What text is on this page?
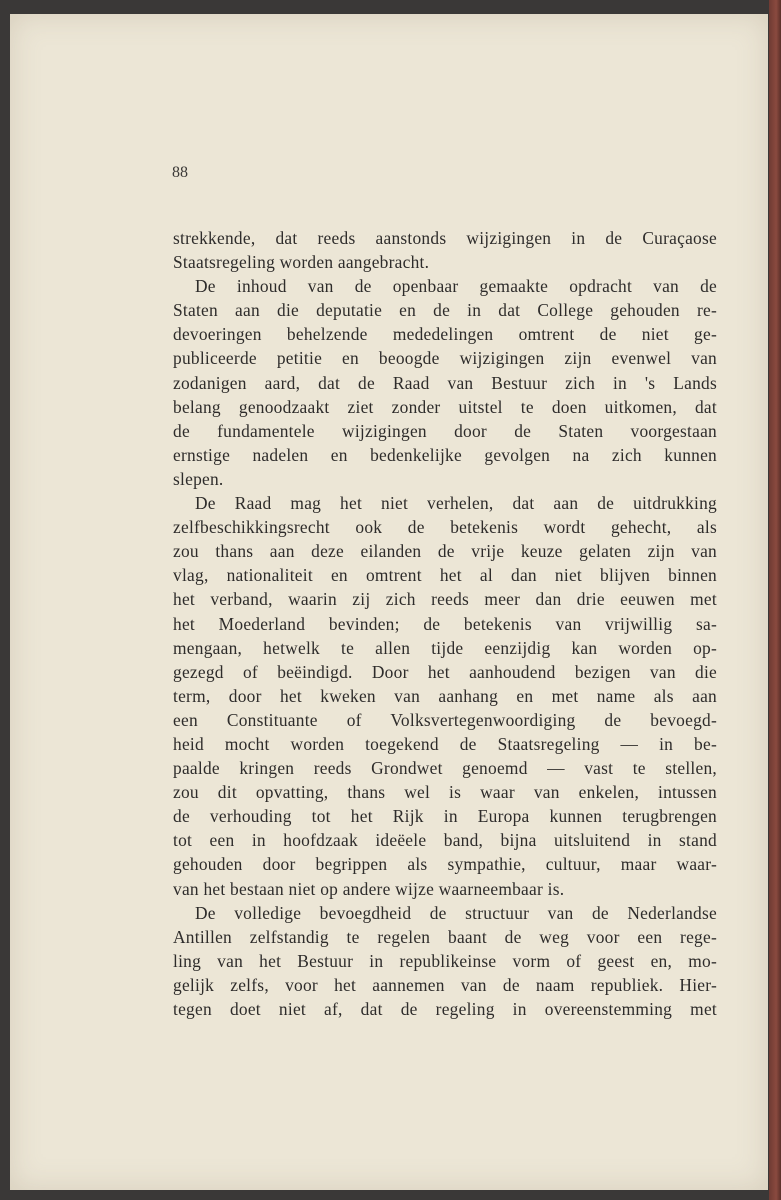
88
strekkende, dat reeds aanstonds wijzigingen in de Curaçaose
Staatsregeling worden aangebracht.
De inhoud van de openbaar gemaakte opdracht van de
Staten aan die deputatie en de in dat College gehouden re-
devoeringen behelzende mededelingen omtrent de niet ge-
publiceerde petitie en beoogde wijzigingen zijn evenwel van
zodanigen aard, dat de Raad van Bestuur zich in 's Lands
belang genoodzaakt ziet zonder uitstel te doen uitkomen, dat
de fundamentele wijzigingen door de Staten voorgestaan
ernstige nadelen en bedenkelijke gevolgen na zich kunnen
slepen.
De Raad mag het niet verhelen, dat aan de uitdrukking
zelfbeschikkingsrecht ook de betekenis wordt gehecht, als
zou thans aan deze eilanden de vrije keuze gelaten zijn van
vlag, nationaliteit en omtrent het al dan niet blijven binnen
het verband, waarin zij zich reeds meer dan drie eeuwen met
het Moederland bevinden; de betekenis van vrijwillig sa-
mengaan, hetwelk te allen tijde eenzijdig kan worden op-
gezegd of beëindigd. Door het aanhoudend bezigen van die
term, door het kweken van aanhang en met name als aan
een Constituante of Volksvertegenwoordiging de bevoegd-
heid mocht worden toegekend de Staatsregeling — in be-
paalde kringen reeds Grondwet genoemd — vast te stellen,
zou dit opvatting, thans wel is waar van enkelen, intussen
de verhouding tot het Rijk in Europa kunnen terugbrengen
tot een in hoofdzaak ideëele band, bijna uitsluitend in stand
gehouden door begrippen als sympathie, cultuur, maar waar-
van het bestaan niet op andere wijze waarneembaar is.
De volledige bevoegdheid de structuur van de Nederlandse
Antillen zelfstandig te regelen baant de weg voor een rege-
ling van het Bestuur in republikeinse vorm of geest en, mo-
gelijk zelfs, voor het aannemen van de naam republiek. Hier-
tegen doet niet af, dat de regeling in overeenstemming met
